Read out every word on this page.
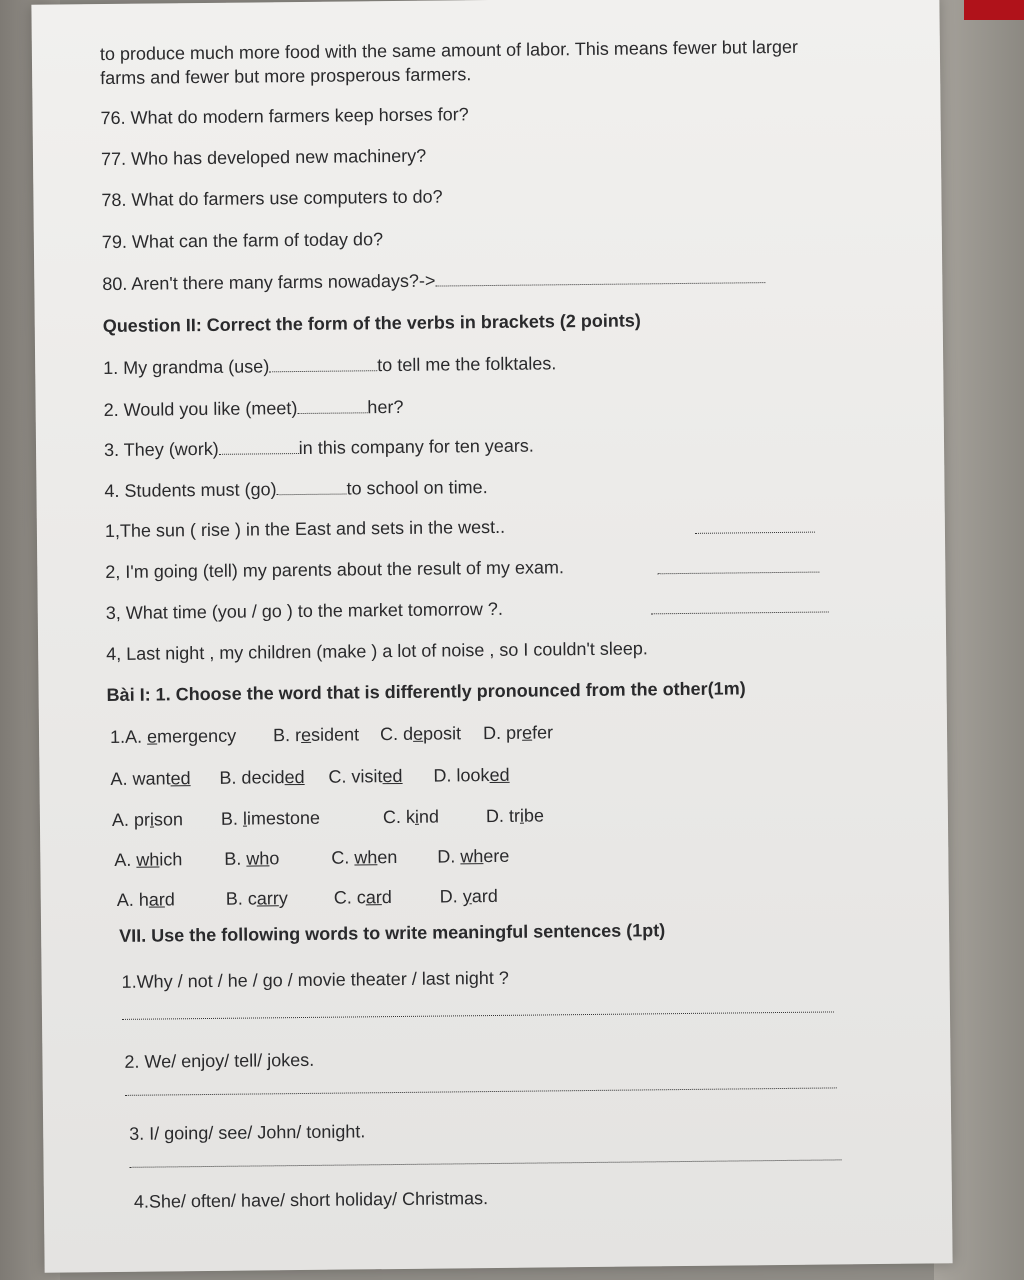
to produce much more food with the same amount of labor. This means fewer but larger
farms and fewer but more prosperous farmers.
76. What do modern farmers keep horses for?
77. Who has developed new machinery?
78. What do farmers use computers to do?
79. What can the farm of today do?
80. Aren't there many farms nowadays?->
Question II: Correct the form of the verbs in brackets (2 points)
1. My grandma (use)	to tell me the folktales.
2. Would you like (meet)	her?
3. They (work)	in this company for ten years.
4. Students must (go)	to school on time.
1,The sun ( rise ) in the East and sets in the west..
2, I'm going (tell) my parents about the result of my exam.
3, What time (you / go ) to the market tomorrow ?.
4, Last night , my children (make ) a lot of noise , so I couldn't sleep.
Bài I: 1. Choose the word that is differently pronounced from the other(1m)
1.A. emergency B. resident C. deposit D. prefer
A. wanted B. decided C. visited D. looked
A. prison B. limestone	C. kind	D. tribe
A. which B. who	C. when D. where
A. hard	B. carry	C. card	D. yard
VII. Use the following words to write meaningful sentences (1pt)
1.Why / not / he / go / movie theater / last night ?
2. We/ enjoy/ tell/ jokes.
3. I/ going/ see/ John/ tonight.
4.She/ often/ have/ short holiday/ Christmas.
